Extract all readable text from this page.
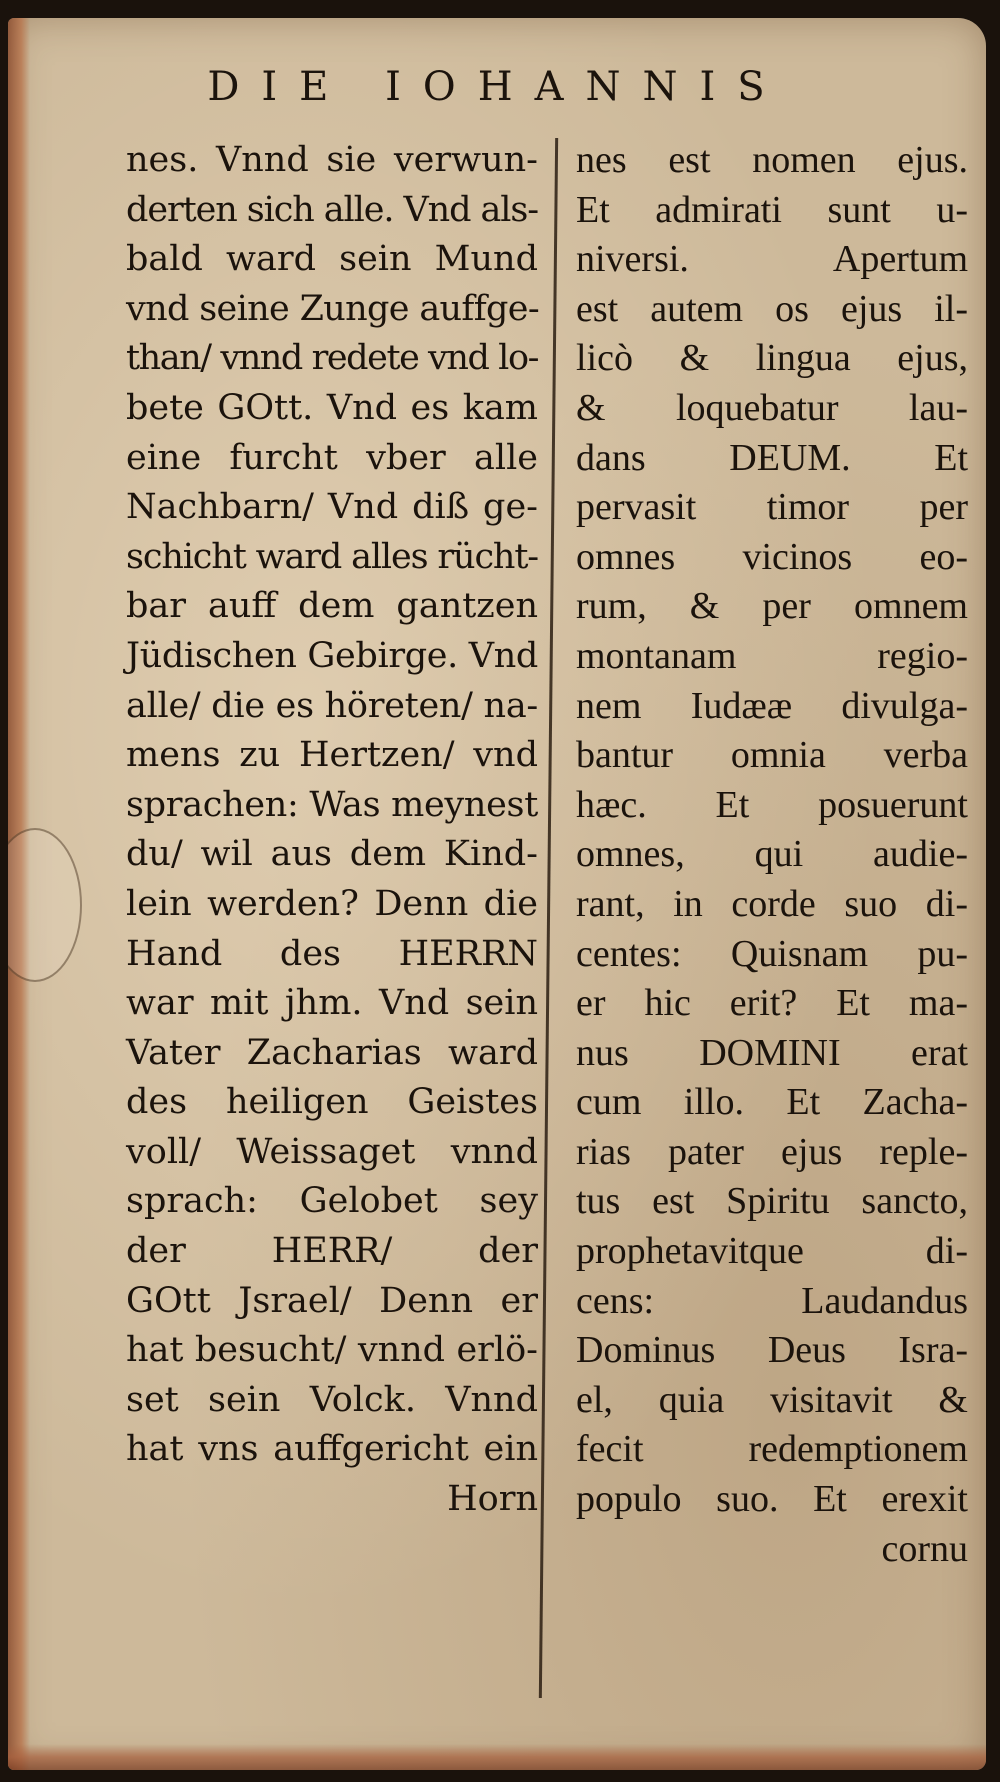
DIE IOHANNIS
nes. Vnnd sie verwun-
derten sich alle. Vnd als-
bald ward sein Mund
vnd seine Zunge auffge-
than/ vnnd redete vnd lo-
bete GOtt. Vnd es kam
eine furcht vber alle
Nachbarn/ Vnd diß ge-
schicht ward alles rücht-
bar auff dem gantzen
Jüdischen Gebirge. Vnd
alle/ die es höreten/ na-
mens zu Hertzen/ vnd
sprachen: Was meynest
du/ wil aus dem Kind-
lein werden? Denn die
Hand des HERRN
war mit jhm. Vnd sein
Vater Zacharias ward
des heiligen Geistes
voll/ Weissaget vnnd
sprach: Gelobet sey
der HERR/ der
GOtt Jsrael/ Denn er
hat besucht/ vnnd erlö-
set sein Volck. Vnnd
hat vns auffgericht ein
Horn
nes est nomen ejus.
Et admirati sunt u-
niversi. Apertum
est autem os ejus il-
licò & lingua ejus,
& loquebatur lau-
dans DEUM. Et
pervasit timor per
omnes vicinos eo-
rum, & per omnem
montanam regio-
nem Iudææ divulga-
bantur omnia verba
hæc. Et posuerunt
omnes, qui audie-
rant, in corde suo di-
centes: Quisnam pu-
er hic erit? Et ma-
nus DOMINI erat
cum illo. Et Zacha-
rias pater ejus reple-
tus est Spiritu sancto,
prophetavitque di-
cens: Laudandus
Dominus Deus Isra-
el, quia visitavit &
fecit redemptionem
populo suo. Et erexit
cornu
